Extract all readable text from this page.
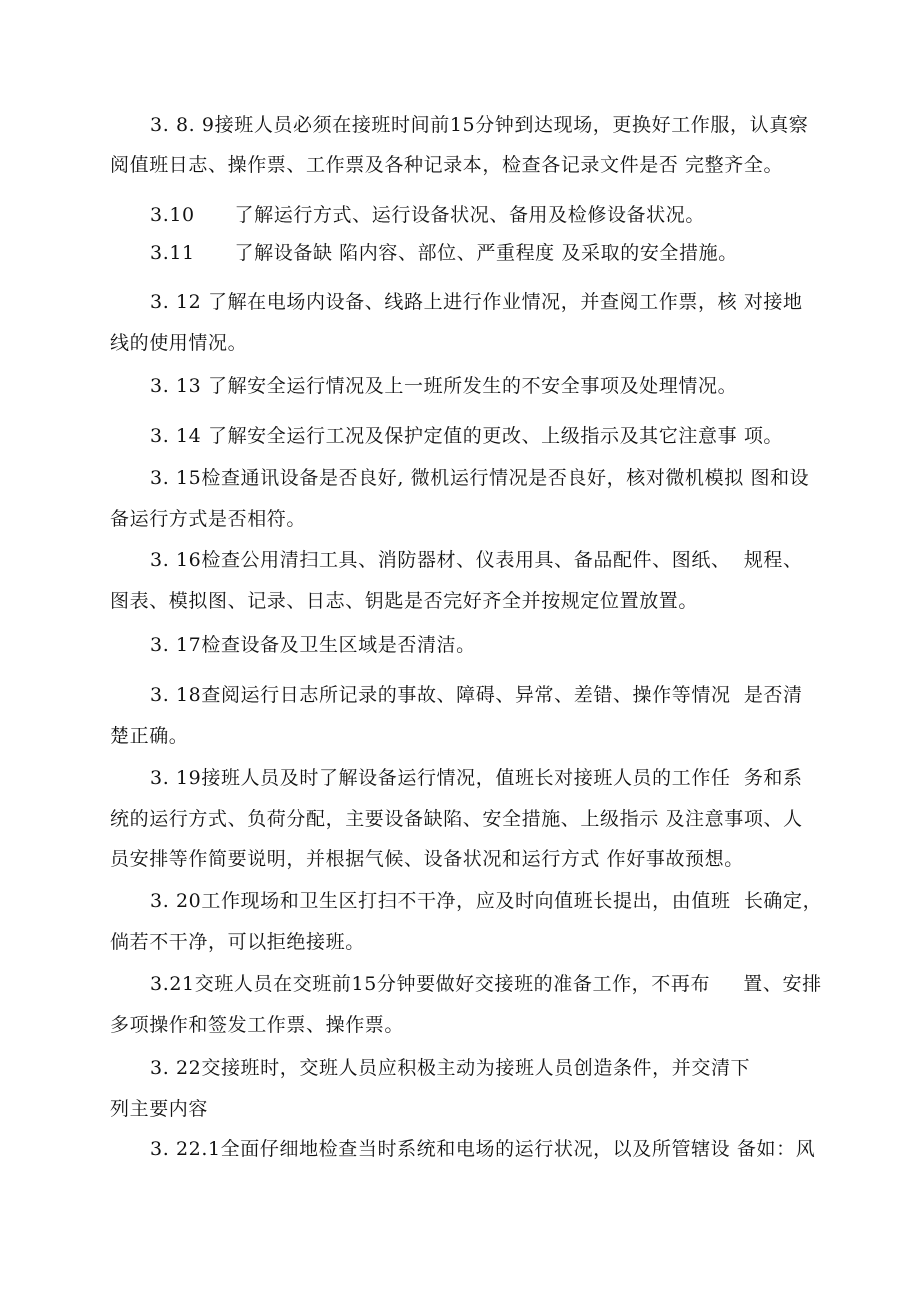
3. 8. 9接班人员必须在接班时间前15分钟到达现场，更换好工作服，认真察
阅值班日志、操作票、工作票及各种记录本，检查各记录文件是否 完整齐全。
3.10      了解运行方式、运行设备状况、备用及检修设备状况。
3.11      了解设备缺 陷内容、部位、严重程度 及采取的安全措施。
3. 12 了解在电场内设备、线路上进行作业情况，并查阅工作票，核 对接地
线的使用情况。
3. 13 了解安全运行情况及上一班所发生的不安全事项及处理情况。
3. 14 了解安全运行工况及保护定值的更改、上级指示及其它注意事 项。
3. 15检查通讯设备是否良好, 微机运行情况是否良好，核对微机模拟 图和设
备运行方式是否相符。
3. 16检查公用清扫工具、消防器材、仪表用具、备品配件、图纸、  规程、
图表、模拟图、记录、日志、钥匙是否完好齐全并按规定位置放置。
3. 17检查设备及卫生区域是否清洁。
3. 18查阅运行日志所记录的事故、障碍、异常、差错、操作等情况  是否清
楚正确。
3. 19接班人员及时了解设备运行情况，值班长对接班人员的工作任  务和系
统的运行方式、负荷分配，主要设备缺陷、安全措施、上级指示 及注意事项、人
员安排等作简要说明，并根据气候、设备状况和运行方式 作好事故预想。
3. 20工作现场和卫生区打扫不干净，应及时向值班长提出，由值班  长确定，
倘若不干净，可以拒绝接班。
3.21交班人员在交班前15分钟要做好交接班的准备工作，不再布     置、安排
多项操作和签发工作票、操作票。
3. 22交接班时，交班人员应积极主动为接班人员创造条件，并交清下
列主要内容
3. 22.1全面仔细地检查当时系统和电场的运行状况，以及所管辖设 备如：风
